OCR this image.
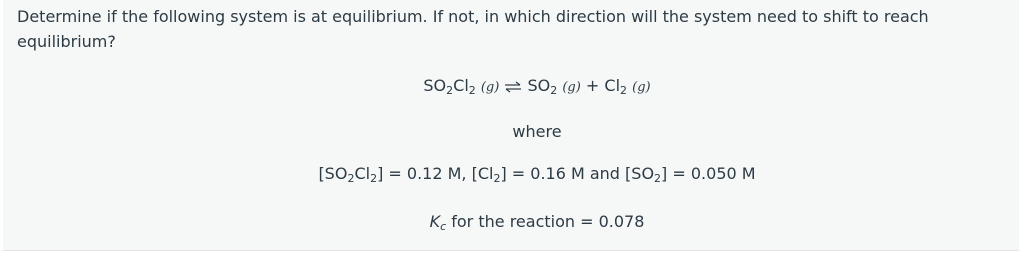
Determine if the following system is at equilibrium. If not, in which direction will the system need to shift to reach equilibrium?

$SO_2Cl_2$ (g) ⇌ $SO_2$ $(g) + Cl_2$ (g)
where
$[SO_2Cl_2] = 0.12$ M, $[Cl_2] = 0.16$ M and $[SO_2] = 0.050$ M
$K_c$ for the reaction = 0.078
